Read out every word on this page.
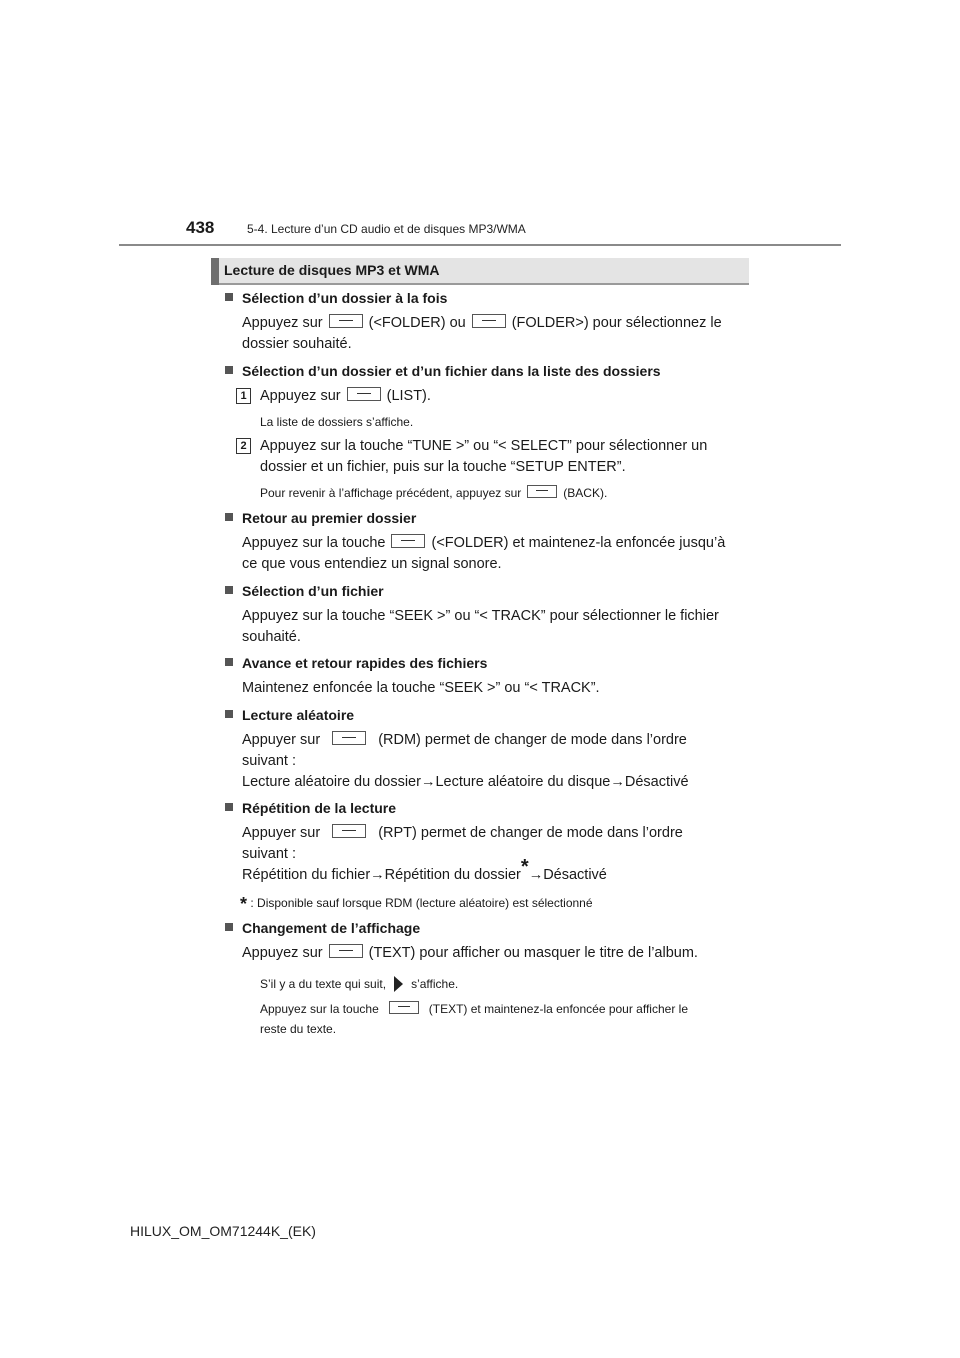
438	5-4. Lecture d’un CD audio et de disques MP3/WMA
Lecture de disques MP3 et WMA
Sélection d’un dossier à la fois
Appuyez sur	(<FOLDER) ou	(FOLDER>) pour sélectionnez le
dossier souhaité.
Sélection d’un dossier et d’un fichier dans la liste des dossiers
1 Appuyez sur	(LIST).
La liste de dossiers s’affiche.
2 Appuyez sur la touche “TUNE >” ou “< SELECT” pour sélectionner un
dossier et un fichier, puis sur la touche “SETUP ENTER”.
Pour revenir à l’affichage précédent, appuyez sur	(BACK).
Retour au premier dossier
Appuyez sur la touche	(<FOLDER) et maintenez-la enfoncée jusqu’à
ce que vous entendiez un signal sonore.
Sélection d’un fichier
Appuyez sur la touche “SEEK >” ou “< TRACK” pour sélectionner le fichier
souhaité.
Avance et retour rapides des fichiers
Maintenez enfoncée la touche “SEEK >” ou “< TRACK”.
Lecture aléatoire
Appuyer sur	(RDM) permet de changer de mode dans l’ordre
suivant :
Lecture aléatoire du dossier→Lecture aléatoire du disque→Désactivé
Répétition de la lecture
Appuyer sur	(RPT) permet de changer de mode dans l’ordre
suivant :
Répétition du fichier→Répétition du dossier*→Désactivé
* : Disponible sauf lorsque RDM (lecture aléatoire) est sélectionné
Changement de l’affichage
Appuyez sur	(TEXT) pour afficher ou masquer le titre de l’album.
S’il y a du texte qui suit, s’affiche.
Appuyez sur la touche	(TEXT) et maintenez-la enfoncée pour afficher le
reste du texte.
HILUX_OM_OM71244K_(EK)
